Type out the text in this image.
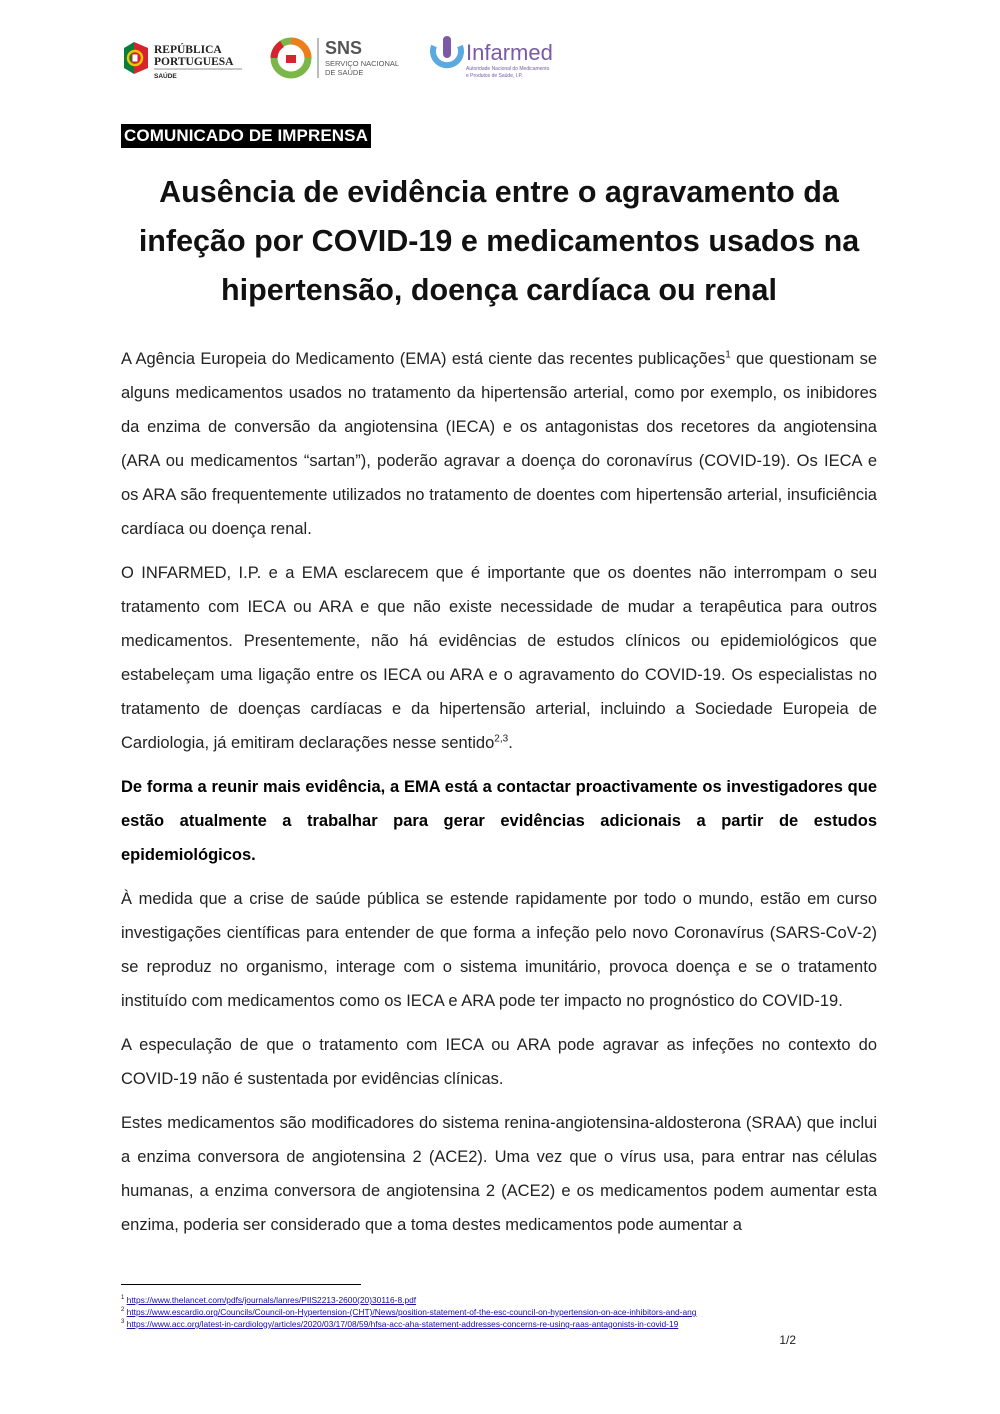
REPÚBLICA
PORTUGUESA
SAÚDE
SNS
SERVIÇO NACIONAL
DE SAÚDE
Infarmed
Autoridade Nacional do Medicamento
e Produtos de Saúde, I.P.
COMUNICADO DE IMPRENSA
Ausência de evidência entre o agravamento da
infeção por COVID-19 e medicamentos usados na
hipertensão, doença cardíaca ou renal

A Agência Europeia do Medicamento (EMA) está ciente das recentes publicações$^1$ que questionam se alguns medicamentos usados no tratamento da hipertensão arterial, como por exemplo, os inibidores da enzima de conversão da angiotensina (IECA) e os antagonistas dos recetores da angiotensina (ARA ou medicamentos “sartan”), poderão agravar a doença do coronavírus (COVID-19). Os IECA e os ARA são frequentemente utilizados no tratamento de doentes com hipertensão arterial, insuficiência cardíaca ou doença renal.

O INFARMED, I.P. e a EMA esclarecem que é importante que os doentes não interrompam o seu tratamento com IECA ou ARA e que não existe necessidade de mudar a terapêutica para outros medicamentos. Presentemente, não há evidências de estudos clínicos ou epidemiológicos que estabeleçam uma ligação entre os IECA ou ARA e o agravamento do COVID-19. Os especialistas no tratamento de doenças cardíacas e da hipertensão arterial, incluindo a Sociedade Europeia de Cardiologia, já emitiram declarações nesse sentido$^{2,3}$.

De forma a reunir mais evidência, a EMA está a contactar proactivamente os investigadores que estão atualmente a trabalhar para gerar evidências adicionais a partir de estudos epidemiológicos.

À medida que a crise de saúde pública se estende rapidamente por todo o mundo, estão em curso investigações científicas para entender de que forma a infeção pelo novo Coronavírus (SARS-CoV-2) se reproduz no organismo, interage com o sistema imunitário, provoca doença e se o tratamento instituído com medicamentos como os IECA e ARA pode ter impacto no prognóstico do COVID-19.

A especulação de que o tratamento com IECA ou ARA pode agravar as infeções no contexto do COVID-19 não é sustentada por evidências clínicas.

Estes medicamentos são modificadores do sistema renina-angiotensina-aldosterona (SRAA) que inclui a enzima conversora de angiotensina 2 (ACE2). Uma vez que o vírus usa, para entrar nas células humanas, a enzima conversora de angiotensina 2 (ACE2) e os medicamentos podem aumentar esta enzima, poderia ser considerado que a toma destes medicamentos pode aumentar a

$^1$ https://www.thelancet.com/pdfs/journals/lanres/PIIS2213-2600(20)30116-8.pdf
$^2$ https://www.escardio.org/Councils/Council-on-Hypertension-(CHT)/News/position-statement-of-the-esc-council-on-hypertension-on-ace-inhibitors-and-ang
$^3$ https://www.acc.org/latest-in-cardiology/articles/2020/03/17/08/59/hfsa-acc-aha-statement-addresses-concerns-re-using-raas-antagonists-in-covid-19
1/2
